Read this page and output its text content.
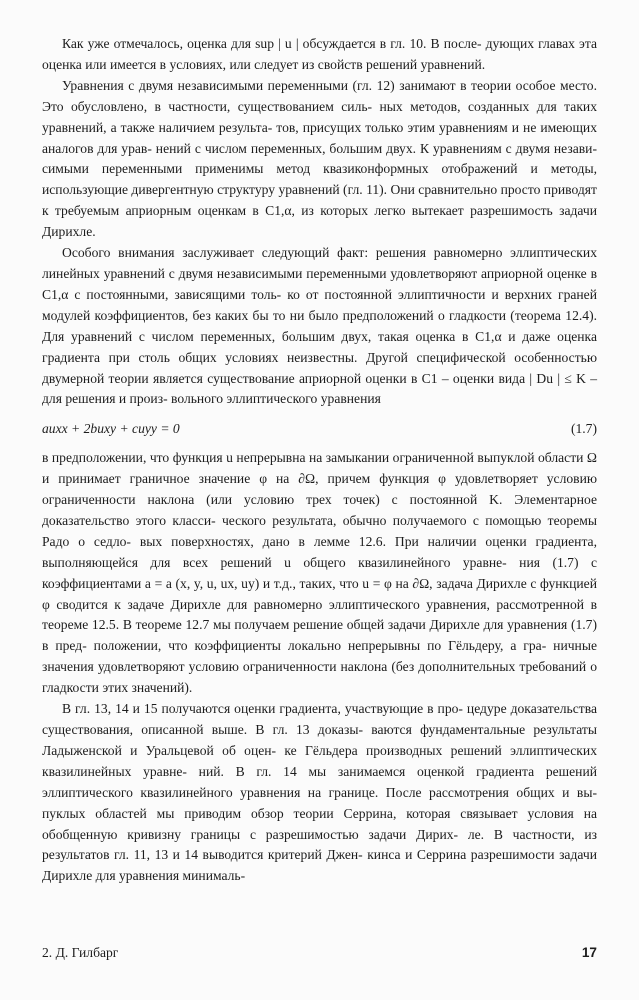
Как уже отмечалось, оценка для sup | u | обсуждается в гл. 10. В после- дующих главах эта оценка или имеется в условиях, или следует из свойств решений уравнений.

Уравнения с двумя независимыми переменными (гл. 12) занимают в теории особое место. Это обусловлено, в частности, существованием силь- ных методов, созданных для таких уравнений, а также наличием результа- тов, присущих только этим уравнениям и не имеющих аналогов для урав- нений с числом переменных, большим двух. К уравнениям с двумя незави- симыми переменными применимы метод квазиконформных отображений и методы, использующие дивергентную структуру уравнений (гл. 11). Они сравнительно просто приводят к требуемым априорным оценкам в C1,α, из которых легко вытекает разрешимость задачи Дирихле.

Особого внимания заслуживает следующий факт: решения равномерно эллиптических линейных уравнений с двумя независимыми переменными удовлетворяют априорной оценке в C1,α с постоянными, зависящими толь- ко от постоянной эллиптичности и верхних граней модулей коэффициентов, без каких бы то ни было предположений о гладкости (теорема 12.4). Для уравнений с числом переменных, большим двух, такая оценка в C1,α и даже оценка градиента при столь общих условиях неизвестны. Другой специфической особенностью двумерной теории является существование априорной оценки в C1 – оценки вида | Du | ≤ K – для решения и произ- вольного эллиптического уравнения

auxx + 2buxy + cuyy = 0	(1.7)

в предположении, что функция u непрерывна на замыкании ограниченной выпуклой области Ω и принимает граничное значение φ на ∂Ω, причем функция φ удовлетворяет условию ограниченности наклона (или условию трех точек) с постоянной K. Элементарное доказательство этого класси- ческого результата, обычно получаемого с помощью теоремы Радо о седло- вых поверхностях, дано в лемме 12.6. При наличии оценки градиента, выполняющейся для всех решений u общего квазилинейного уравне- ния (1.7) с коэффициентами a = a (x, y, u, ux, uy) и т.д., таких, что u = φ на ∂Ω, задача Дирихле с функцией φ сводится к задаче Дирихле для равномерно эллиптического уравнения, рассмотренной в теореме 12.5. В теореме 12.7 мы получаем решение общей задачи Дирихле для уравнения (1.7) в пред- положении, что коэффициенты локально непрерывны по Гёльдеру, а гра- ничные значения удовлетворяют условию ограниченности наклона (без дополнительных требований о гладкости этих значений).

В гл. 13, 14 и 15 получаются оценки градиента, участвующие в про- цедуре доказательства существования, описанной выше. В гл. 13 доказы- ваются фундаментальные результаты Ладыженской и Уральцевой об оцен- ке Гёльдера производных решений эллиптических квазилинейных уравне- ний. В гл. 14 мы занимаемся оценкой градиента решений эллиптического квазилинейного уравнения на границе. После рассмотрения общих и вы- пуклых областей мы приводим обзор теории Серрина, которая связывает условия на обобщенную кривизну границы с разрешимостью задачи Дирих- ле. В частности, из результатов гл. 11, 13 и 14 выводится критерий Джен- кинса и Серрина разрешимости задачи Дирихле для уравнения минималь-

2. Д. Гилбарг	17
